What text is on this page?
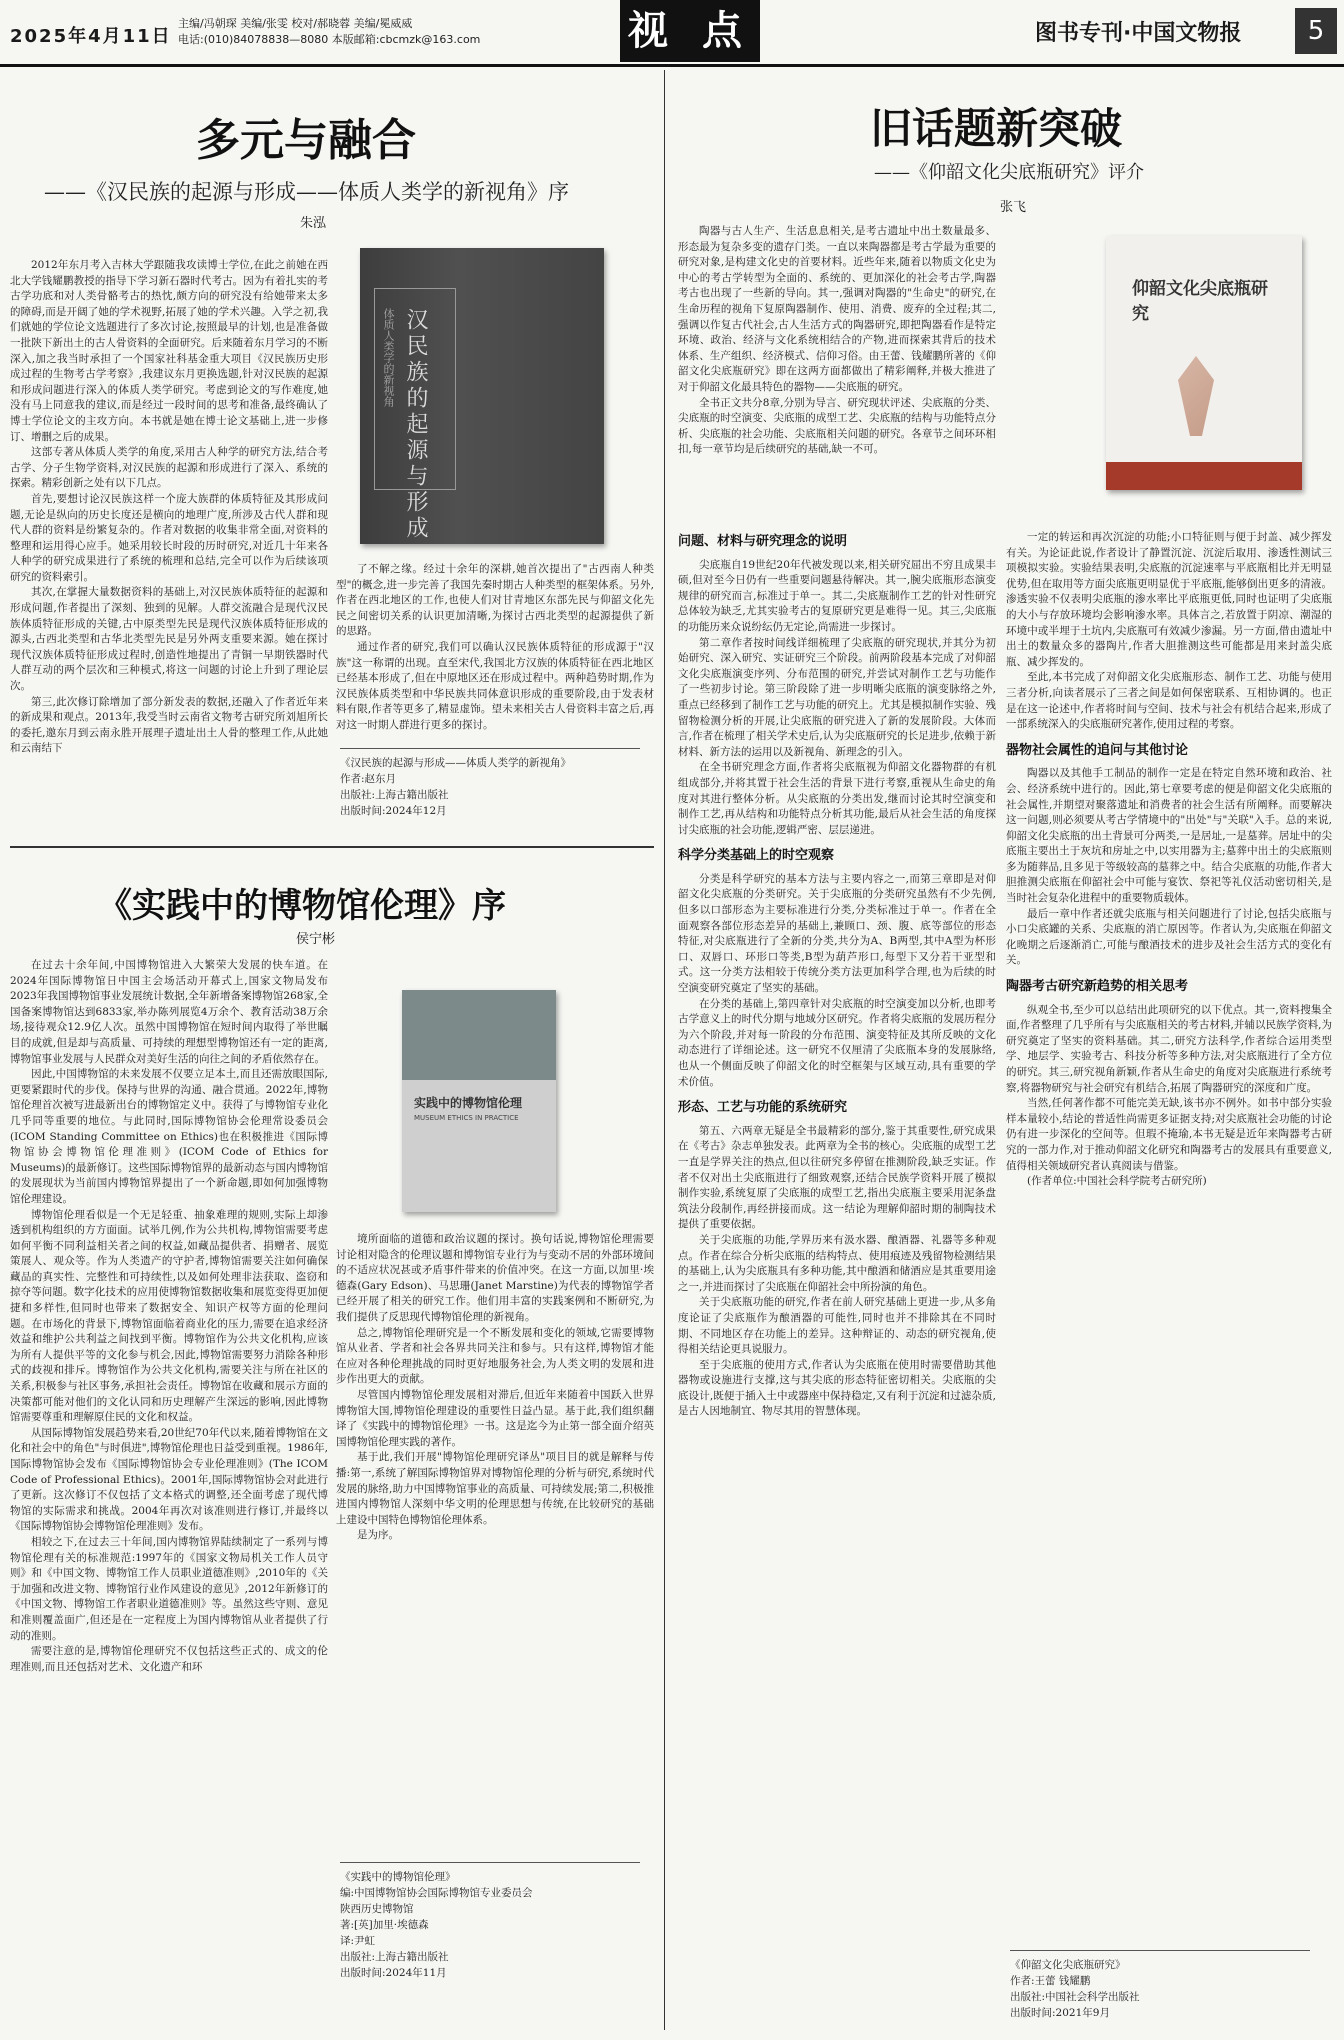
2025年4月11日
主编/冯朝琛 美编/张雯 校对/郝晓蓉 美编/冕威威
电话:(010)84078838—8080 本版邮箱:cbcmzk@163.com	视 点	图书专刊·中国文物报	5
多元与融合
——《汉民族的起源与形成——体质人类学的新视角》序
朱泓

2012年东月考入吉林大学跟随我攻读博士学位,在此之前她在西北大学钱耀鹏教授的指导下学习新石器时代考古。因为有着扎实的考古学功底和对人类骨骼考古的热忱,颇方向的研究没有给她带来太多的障碍,而是开阔了她的学术视野,拓展了她的学术兴趣。入学之初,我们就她的学位论文选题进行了多次讨论,按照最早的计划,也是准备做一批陕下新出土的古人骨资料的全面研究。后来随着东月学习的不断深入,加之我当时承担了一个国家社科基金重大项目《汉民族历史形成过程的生物考古学考察》,我建议东月更换选题,针对汉民族的起源和形成问题进行深入的体质人类学研究。考虑到论文的写作难度,她没有马上同意我的建议,而是经过一段时间的思考和准备,最终确认了博士学位论文的主攻方向。本书就是她在博士论文基础上,进一步修订、增删之后的成果。

这部专著从体质人类学的角度,采用古人种学的研究方法,结合考古学、分子生物学资料,对汉民族的起源和形成进行了深入、系统的探索。精彩创新之处有以下几点。

首先,要想讨论汉民族这样一个庞大族群的体质特征及其形成问题,无论是纵向的历史长度还是横向的地理广度,所涉及古代人群和现代人群的资料是纷繁复杂的。作者对数据的收集非常全面,对资料的整理和运用得心应手。她采用较长时段的历时研究,对近几十年来各人种学的研究成果进行了系统的梳理和总结,完全可以作为后续该项研究的资料索引。

其次,在掌握大量数据资料的基础上,对汉民族体质特征的起源和形成问题,作者提出了深刻、独到的见解。人群交流融合是现代汉民族体质特征形成的关键,古中原类型先民是现代汉族体质特征形成的源头,古西北类型和古华北类型先民是另外两支重要来源。她在探讨现代汉族体质特征形成过程时,创造性地提出了青铜一早期铁器时代人群互动的两个层次和三种模式,将这一问题的讨论上升到了理论层次。

第三,此次修订除增加了部分新发表的数据,还融入了作者近年来的新成果和观点。2013年,我受当时云南省文物考古研究所刘旭所长的委托,邀东月到云南永胜开展理子遗址出土人骨的整理工作,从此她和云南结下

汉民族的起源与形成
体质人类学的新视角

了不解之缘。经过十余年的深耕,她首次提出了"古西南人种类型"的概念,进一步完善了我国先秦时期古人种类型的框架体系。另外,作者在西北地区的工作,也使人们对甘青地区东部先民与仰韶文化先民之间密切关系的认识更加清晰,为探讨古西北类型的起源提供了新的思路。

通过作者的研究,我们可以确认汉民族体质特征的形成源于"汉族"这一称谓的出现。直至宋代,我国北方汉族的体质特征在西北地区已经基本形成了,但在中原地区还在形成过程中。两种趋势时期,作为汉民族体质类型和中华民族共同体意识形成的重要阶段,由于发表材料有限,作者等更多了,精显虚饰。望未来相关古人骨资料丰富之后,再对这一时期人群进行更多的探讨。

《汉民族的起源与形成——体质人类学的新视角》
作者:赵东月
出版社:上海古籍出版社
出版时间:2024年12月
《实践中的博物馆伦理》序
侯宁彬
实践中的博物馆伦理
MUSEUM ETHICS IN PRACTICE

在过去十余年间,中国博物馆进入大繁荣大发展的快车道。在2024年国际博物馆日中国主会场活动开幕式上,国家文物局发布2023年我国博物馆事业发展统计数据,全年新增备案博物馆268家,全国备案博物馆达到6833家,举办陈列展览4万余个、教育活动38万余场,接待观众12.9亿人次。虽然中国博物馆在短时间内取得了举世瞩目的成就,但是却与高质量、可持续的理想型博物馆还有一定的距离,博物馆事业发展与人民群众对美好生活的向往之间的矛盾依然存在。

因此,中国博物馆的未来发展不仅要立足本土,而且还需放眼国际,更要紧跟时代的步伐。保持与世界的沟通、融合贯通。2022年,博物馆伦理首次被写进最新出台的博物馆定义中。获得了与博物馆专业化几乎同等重要的地位。与此同时,国际博物馆协会伦理常设委员会(ICOM Standing Committee on Ethics)也在积极推进《国际博物馆协会博物馆伦理准则》(ICOM Code of Ethics for Museums)的最新修订。这些国际博物馆界的最新动态与国内博物馆的发展现状为当前国内博物馆界提出了一个新命题,即如何加强博物馆伦理建设。

博物馆伦理看似是一个无足轻重、抽象难理的规则,实际上却渗透到机构组织的方方面面。试举几例,作为公共机构,博物馆需要考虑如何平衡不同利益相关者之间的权益,如藏品提供者、捐赠者、展览策展人、观众等。作为人类遗产的守护者,博物馆需要关注如何确保藏品的真实性、完整性和可持续性,以及如何处理非法获取、盗窃和掠夺等问题。数字化技术的应用使博物馆数据收集和展览变得更加便捷和多样性,但同时也带来了数据安全、知识产权等方面的伦理问题。在市场化的背景下,博物馆面临着商业化的压力,需要在追求经济效益和维护公共利益之间找到平衡。博物馆作为公共文化机构,应该为所有人提供平等的文化参与机会,因此,博物馆需要努力消除各种形式的歧视和排斥。博物馆作为公共文化机构,需要关注与所在社区的关系,积极参与社区事务,承担社会责任。博物馆在收藏和展示方面的决策都可能对他们的文化认同和历史理解产生深远的影响,因此博物馆需要尊重和理解原住民的文化和权益。

从国际博物馆发展趋势来看,20世纪70年代以来,随着博物馆在文化和社会中的角色"与时俱进",博物馆伦理也日益受到重视。1986年,国际博物馆协会发布《国际博物馆协会专业伦理准则》(The ICOM Code of Professional Ethics)。2001年,国际博物馆协会对此进行了更新。这次修订不仅包括了文本格式的调整,还全面考虑了现代博物馆的实际需求和挑战。2004年再次对该准则进行修订,并最终以《国际博物馆协会博物馆伦理准则》发布。

相较之下,在过去三十年间,国内博物馆界陆续制定了一系列与博物馆伦理有关的标准规范:1997年的《国家文物局机关工作人员守则》和《中国文物、博物馆工作人员职业道德准则》,2010年的《关于加强和改进文物、博物馆行业作风建设的意见》,2012年新修订的《中国文物、博物馆工作者职业道德准则》等。虽然这些守则、意见和准则覆盖面广,但还是在一定程度上为国内博物馆从业者提供了行动的准则。

需要注意的是,博物馆伦理研究不仅包括这些正式的、成文的伦理准则,而且还包括对艺术、文化遗产和环

境所面临的道德和政治议题的探讨。换句话说,博物馆伦理需要讨论相对隐含的伦理议题和博物馆专业行为与变动不居的外部环境间的不适应状况甚或矛盾事件带来的价值冲突。在这一方面,以加里·埃德森(Gary Edson)、马思珊(Janet Marstine)为代表的博物馆学者已经开展了相关的研究工作。他们用丰富的实践案例和不断研究,为我们提供了反思现代博物馆伦理的新视角。

总之,博物馆伦理研究是一个不断发展和变化的领域,它需要博物馆从业者、学者和社会各界共同关注和参与。只有这样,博物馆才能在应对各种伦理挑战的同时更好地服务社会,为人类文明的发展和进步作出更大的贡献。

尽管国内博物馆伦理发展相对滞后,但近年来随着中国跃入世界博物馆大国,博物馆伦理建设的重要性日益凸显。基于此,我们组织翻译了《实践中的博物馆伦理》一书。这是迄今为止第一部全面介绍英国博物馆伦理实践的著作。

基于此,我们开展"博物馆伦理研究译丛"项目目的就是解释与传播:第一,系统了解国际博物馆界对博物馆伦理的分析与研究,系统时代发展的脉络,助力中国博物馆事业的高质量、可持续发展;第二,积极推进国内博物馆人深刻中华文明的伦理思想与传统,在比较研究的基础上建设中国特色博物馆伦理体系。

是为序。

《实践中的博物馆伦理》
编:中国博物馆协会国际博物馆专业委员会
陕西历史博物馆
著:[英]加里·埃德森
译:尹虹
出版社:上海古籍出版社
出版时间:2024年11月
旧话题新突破
——《仰韶文化尖底瓶研究》评介
张飞

陶器与古人生产、生活息息相关,是考古遗址中出土数量最多、形态最为复杂多变的遗存门类。一直以来陶器都是考古学最为重要的研究对象,是构建文化史的首要材料。近些年来,随着以物质文化史为中心的考古学转型为全面的、系统的、更加深化的社会考古学,陶器考古也出现了一些新的导向。其一,强调对陶器的"生命史"的研究,在生命历程的视角下复原陶器制作、使用、消费、废弃的全过程;其二,强调以作复古代社会,古人生活方式的陶器研究,即把陶器看作是特定环境、政治、经济与文化系统相结合的产物,进而探索其背后的技术体系、生产组织、经济模式、信仰习俗。由王蕾、钱耀鹏所著的《仰韶文化尖底瓶研究》即在这两方面都做出了精彩阐释,并极大推进了对于仰韶文化最具特色的器物——尖底瓶的研究。

全书正文共分8章,分别为导言、研究现状评述、尖底瓶的分类、尖底瓶的时空演变、尖底瓶的成型工艺、尖底瓶的结构与功能特点分析、尖底瓶的社会功能、尖底瓶相关问题的研究。各章节之间环环相扣,每一章节均是后续研究的基础,缺一不可。

仰韶文化尖底瓶研究
问题、材料与研究理念的说明

尖底瓶自19世纪20年代被发现以来,相关研究屈出不穷且成果丰硕,但对至今日仍有一些重要问题悬待解决。其一,腕尖底瓶形态演变规律的研究而言,标准过于单一。其二,尖底瓶制作工艺的针对性研究总体较为缺乏,尤其实验考古的复原研究更是难得一见。其三,尖底瓶的功能历来众说纷纭仍无定论,尚需进一步探讨。

第二章作者按时间线详细梳理了尖底瓶的研究现状,并其分为初始研究、深入研究、实证研究三个阶段。前两阶段基本完成了对仰韶文化尖底瓶演变序列、分布范围的研究,并尝试对制作工艺与功能作了一些初步讨论。第三阶段除了进一步明晰尖底瓶的演变脉络之外,重点已经移到了制作工艺与功能的研究上。尤其是模拟制作实验、残留物检测分析的开展,让尖底瓶的研究进入了新的发展阶段。大体而言,作者在梳理了相关学术史后,认为尖底瓶研究的长足进步,依赖于新材料、新方法的运用以及新视角、新理念的引入。

在全书研究理念方面,作者将尖底瓶视为仰韶文化器物群的有机组成部分,并将其置于社会生活的背景下进行考察,重视从生命史的角度对其进行整体分析。从尖底瓶的分类出发,继而讨论其时空演变和制作工艺,再从结构和功能特点分析其功能,最后从社会生活的角度探讨尖底瓶的社会功能,逻辑严密、层层递进。

科学分类基础上的时空观察

分类是科学研究的基本方法与主要内容之一,而第三章即是对仰韶文化尖底瓶的分类研究。关于尖底瓶的分类研究虽然有不少先例,但多以口部形态为主要标准进行分类,分类标准过于单一。作者在全面观察各部位形态差异的基础上,兼顾口、颈、腹、底等部位的形态特征,对尖底瓶进行了全新的分类,共分为A、B两型,其中A型为杯形口、双唇口、环形口等类,B型为葫芦形口,每型下又分若干亚型和式。这一分类方法相较于传统分类方法更加科学合理,也为后续的时空演变研究奠定了坚实的基础。

在分类的基础上,第四章针对尖底瓶的时空演变加以分析,也即考古学意义上的时代分期与地域分区研究。作者将尖底瓶的发展历程分为六个阶段,并对每一阶段的分布范围、演变特征及其所反映的文化动态进行了详细论述。这一研究不仅厘清了尖底瓶本身的发展脉络,也从一个侧面反映了仰韶文化的时空框架与区域互动,具有重要的学术价值。

形态、工艺与功能的系统研究

第五、六两章无疑是全书最精彩的部分,鉴于其重要性,研究成果在《考古》杂志单独发表。此两章为全书的核心。尖底瓶的成型工艺一直是学界关注的热点,但以往研究多停留在推测阶段,缺乏实证。作者不仅对出土尖底瓶进行了细致观察,还结合民族学资料开展了模拟制作实验,系统复原了尖底瓶的成型工艺,指出尖底瓶主要采用泥条盘筑法分段制作,再经拼接而成。这一结论为理解仰韶时期的制陶技术提供了重要依据。

关于尖底瓶的功能,学界历来有汲水器、酿酒器、礼器等多种观点。作者在综合分析尖底瓶的结构特点、使用痕迹及残留物检测结果的基础上,认为尖底瓶具有多种功能,其中酿酒和储酒应是其重要用途之一,并进而探讨了尖底瓶在仰韶社会中所扮演的角色。

关于尖底瓶功能的研究,作者在前人研究基础上更进一步,从多角度论证了尖底瓶作为酿酒器的可能性,同时也并不排除其在不同时期、不同地区存在功能上的差异。这种辩证的、动态的研究视角,使得相关结论更具说服力。

至于尖底瓶的使用方式,作者认为尖底瓶在使用时需要借助其他器物或设施进行支撑,这与其尖底的形态特征密切相关。尖底瓶的尖底设计,既便于插入土中或器座中保持稳定,又有利于沉淀和过滤杂质,是古人因地制宜、物尽其用的智慧体现。

一定的转运和再次沉淀的功能;小口特征则与便于封盖、减少挥发有关。为论证此说,作者设计了静置沉淀、沉淀后取用、渗透性测试三项模拟实验。实验结果表明,尖底瓶的沉淀速率与平底瓶相比并无明显优势,但在取用等方面尖底瓶更明显优于平底瓶,能够倒出更多的清液。渗透实验不仅表明尖底瓶的渗水率比平底瓶更低,同时也证明了尖底瓶的大小与存放环境均会影响渗水率。具体言之,若放置于阴凉、潮湿的环境中或半埋于土坑内,尖底瓶可有效减少渗漏。另一方面,借由遗址中出土的数量众多的器陶片,作者大胆推测这些可能都是用来封盖尖底瓶、减少挥发的。

至此,本书完成了对仰韶文化尖底瓶形态、制作工艺、功能与使用三者分析,向读者展示了三者之间是如何保密联系、互相协调的。也正是在这一论述中,作者将时间与空间、技术与社会有机结合起来,形成了一部系统深入的尖底瓶研究著作,使用过程的考察。

器物社会属性的追问与其他讨论

陶器以及其他手工制品的制作一定是在特定自然环境和政治、社会、经济系统中进行的。因此,第七章要考虑的便是仰韶文化尖底瓶的社会属性,并期望对聚落遗址和消费者的社会生活有所阐释。而要解决这一问题,则必须要从考古学情境中的"出处"与"关联"入手。总的来说,仰韶文化尖底瓶的出土背景可分两类,一是居址,一是墓葬。居址中的尖底瓶主要出土于灰坑和房址之中,以实用器为主;墓葬中出土的尖底瓶则多为随葬品,且多见于等级较高的墓葬之中。结合尖底瓶的功能,作者大胆推测尖底瓶在仰韶社会中可能与宴饮、祭祀等礼仪活动密切相关,是当时社会复杂化进程中的重要物质载体。

最后一章中作者还就尖底瓶与相关问题进行了讨论,包括尖底瓶与小口尖底罐的关系、尖底瓶的消亡原因等。作者认为,尖底瓶在仰韶文化晚期之后逐渐消亡,可能与酿酒技术的进步及社会生活方式的变化有关。

陶器考古研究新趋势的相关思考

纵观全书,至少可以总结出此项研究的以下优点。其一,资料搜集全面,作者整理了几乎所有与尖底瓶相关的考古材料,并辅以民族学资料,为研究奠定了坚实的资料基础。其二,研究方法科学,作者综合运用类型学、地层学、实验考古、科技分析等多种方法,对尖底瓶进行了全方位的研究。其三,研究视角新颖,作者从生命史的角度对尖底瓶进行系统考察,将器物研究与社会研究有机结合,拓展了陶器研究的深度和广度。

当然,任何著作都不可能完美无缺,该书亦不例外。如书中部分实验样本量较小,结论的普适性尚需更多证据支持;对尖底瓶社会功能的讨论仍有进一步深化的空间等。但瑕不掩瑜,本书无疑是近年来陶器考古研究的一部力作,对于推动仰韶文化研究和陶器考古的发展具有重要意义,值得相关领域研究者认真阅读与借鉴。

(作者单位:中国社会科学院考古研究所)

《仰韶文化尖底瓶研究》
作者:王蕾 钱耀鹏
出版社:中国社会科学出版社
出版时间:2021年9月
